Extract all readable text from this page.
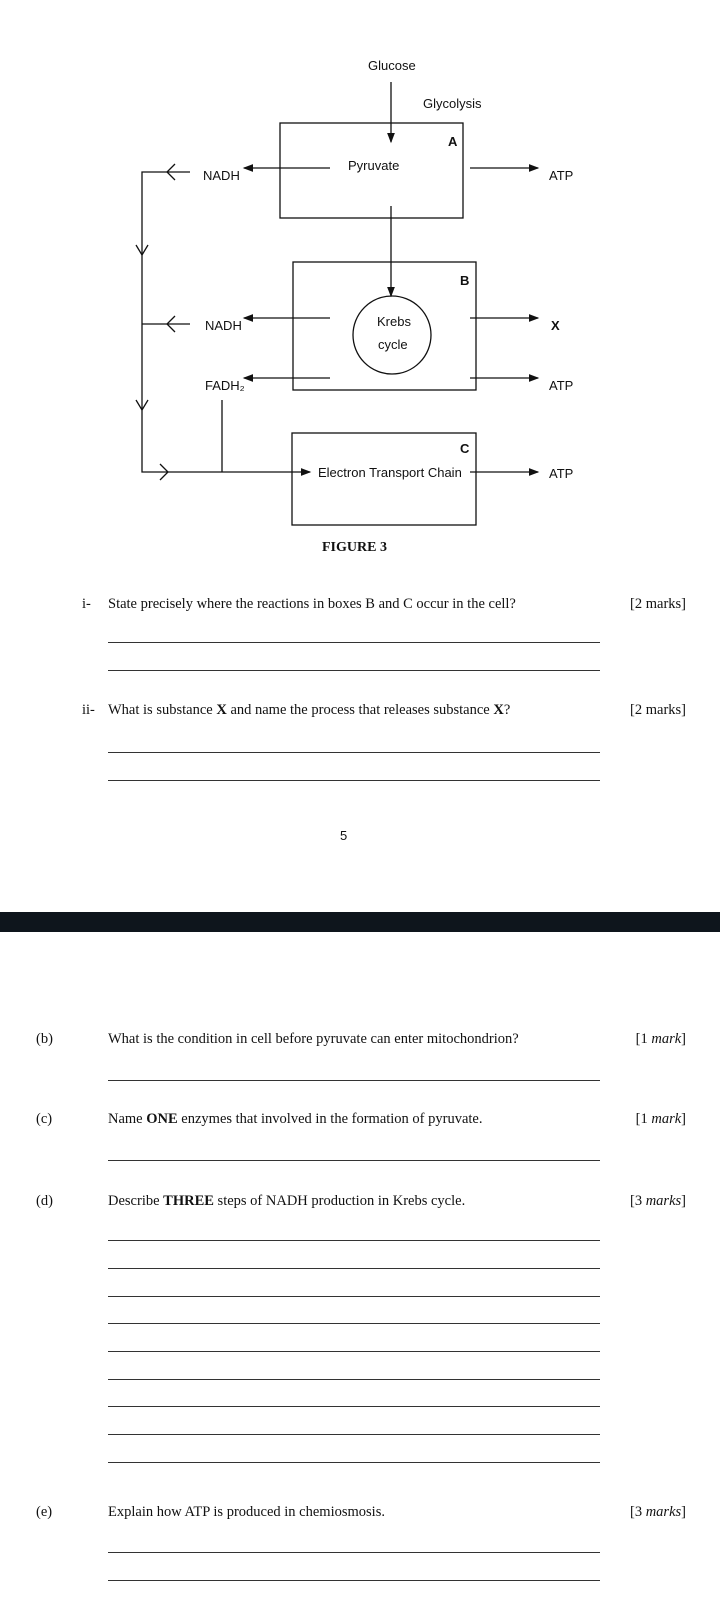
Glucose
Glycolysis
A
Pyruvate
NADH	ATP
B
Krebs
cycle
NADH	X
FADH₂	ATP
C
Electron Transport Chain	ATP
FIGURE 3
i- State precisely where the reactions in boxes B and C occur in the cell?	[2 marks]
ii- What is substance X and name the process that releases substance X?	[2 marks]
5
(b)	What is the condition in cell before pyruvate can enter mitochondrion?	[1 mark]
(c)	Name ONE enzymes that involved in the formation of pyruvate.	[1 mark]
(d)	Describe THREE steps of NADH production in Krebs cycle.	[3 marks]
(e)	Explain how ATP is produced in chemiosmosis.	[3 marks]
